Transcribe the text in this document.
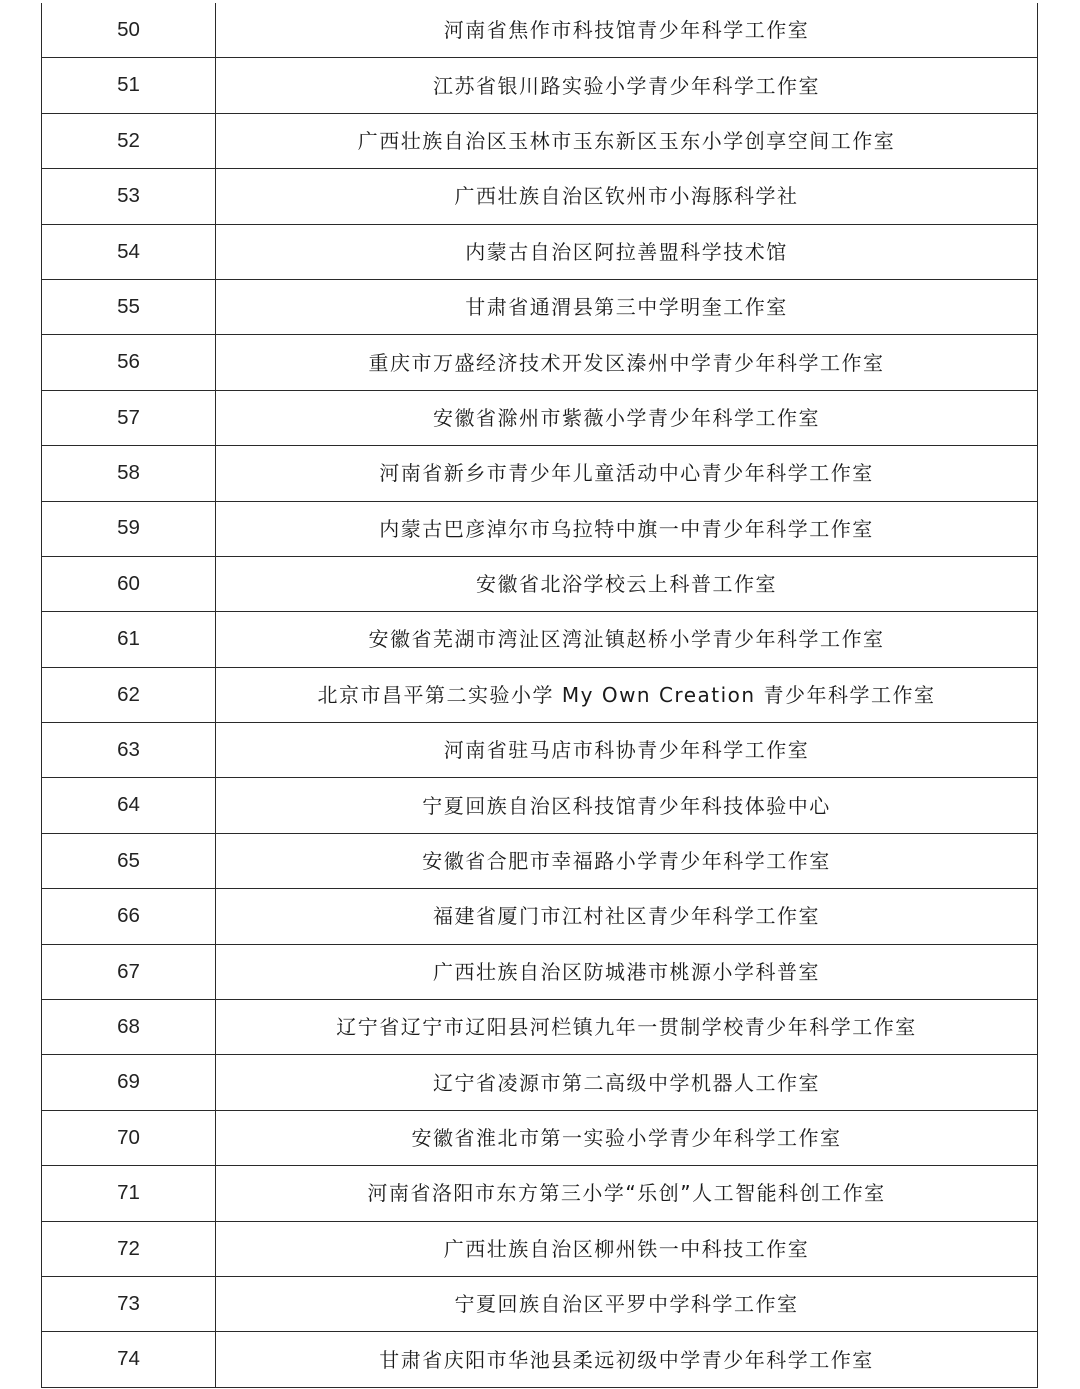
50	河南省焦作市科技馆青少年科学工作室
51	江苏省银川路实验小学青少年科学工作室
52	广西壮族自治区玉林市玉东新区玉东小学创享空间工作室
53	广西壮族自治区钦州市小海豚科学社
54	内蒙古自治区阿拉善盟科学技术馆
55	甘肃省通渭县第三中学明奎工作室
56	重庆市万盛经济技术开发区溱州中学青少年科学工作室
57	安徽省滁州市紫薇小学青少年科学工作室
58	河南省新乡市青少年儿童活动中心青少年科学工作室
59	内蒙古巴彦淖尔市乌拉特中旗一中青少年科学工作室
60	安徽省北浴学校云上科普工作室
61	安徽省芜湖市湾沚区湾沚镇赵桥小学青少年科学工作室
62	北京市昌平第二实验小学 My Own Creation 青少年科学工作室
63	河南省驻马店市科协青少年科学工作室
64	宁夏回族自治区科技馆青少年科技体验中心
65	安徽省合肥市幸福路小学青少年科学工作室
66	福建省厦门市江村社区青少年科学工作室
67	广西壮族自治区防城港市桃源小学科普室
68	辽宁省辽宁市辽阳县河栏镇九年一贯制学校青少年科学工作室
69	辽宁省凌源市第二高级中学机器人工作室
70	安徽省淮北市第一实验小学青少年科学工作室
71	河南省洛阳市东方第三小学“乐创”人工智能科创工作室
72	广西壮族自治区柳州铁一中科技工作室
73	宁夏回族自治区平罗中学科学工作室
74	甘肃省庆阳市华池县柔远初级中学青少年科学工作室
